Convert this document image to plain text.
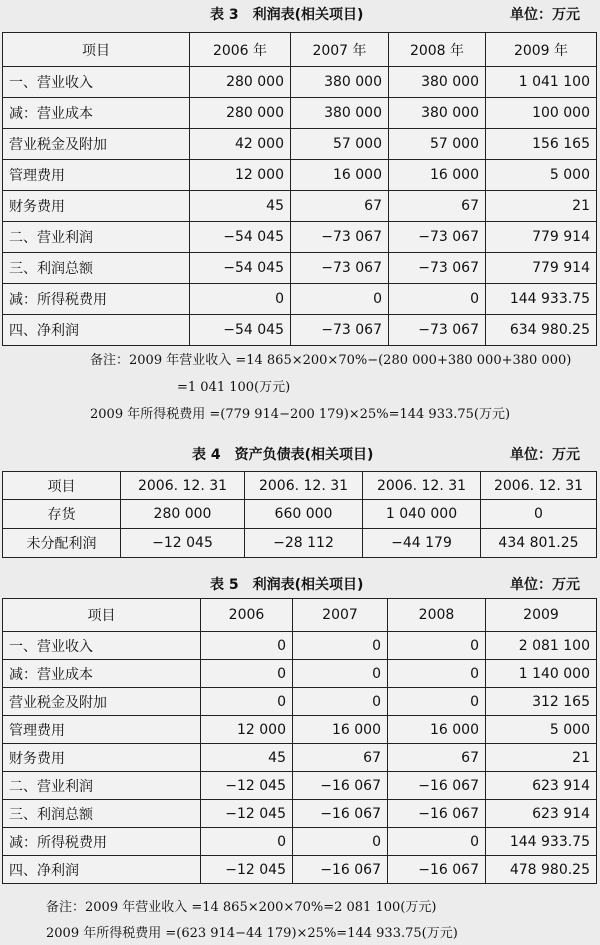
表 3　利润表(相关项目)	单位：万元
项目	2006 年	2007 年	2008 年	2009 年
一、营业收入	280 000	380 000	380 000	1 041 100
减：营业成本	280 000	380 000	380 000	100 000
营业税金及附加	42 000	57 000	57 000	156 165
管理费用	12 000	16 000	16 000	5 000
财务费用	45	67	67	21
二、营业利润	−54 045	−73 067	−73 067	779 914
三、利润总额	−54 045	−73 067	−73 067	779 914
减：所得税费用	0	0	0	144 933.75
四、净利润	−54 045	−73 067	−73 067	634 980.25
备注：2009 年营业收入 =14 865×200×70%−(280 000+380 000+380 000)
=1 041 100(万元)
2009 年所得税费用 =(779 914−200 179)×25%=144 933.75(万元)
表 4　资产负债表(相关项目)	单位：万元
项目	2006. 12. 31	2006. 12. 31	2006. 12. 31	2006. 12. 31
存货	280 000	660 000	1 040 000	0
未分配利润	−12 045	−28 112	−44 179	434 801.25
表 5　利润表(相关项目)	单位：万元
项目	2006	2007	2008	2009
一、营业收入	0	0	0	2 081 100
减：营业成本	0	0	0	1 140 000
营业税金及附加	0	0	0	312 165
管理费用	12 000	16 000	16 000	5 000
财务费用	45	67	67	21
二、营业利润	−12 045	−16 067	−16 067	623 914
三、利润总额	−12 045	−16 067	−16 067	623 914
减：所得税费用	0	0	0	144 933.75
四、净利润	−12 045	−16 067	−16 067	478 980.25
备注：2009 年营业收入 =14 865×200×70%=2 081 100(万元)
2009 年所得税费用 =(623 914−44 179)×25%=144 933.75(万元)
